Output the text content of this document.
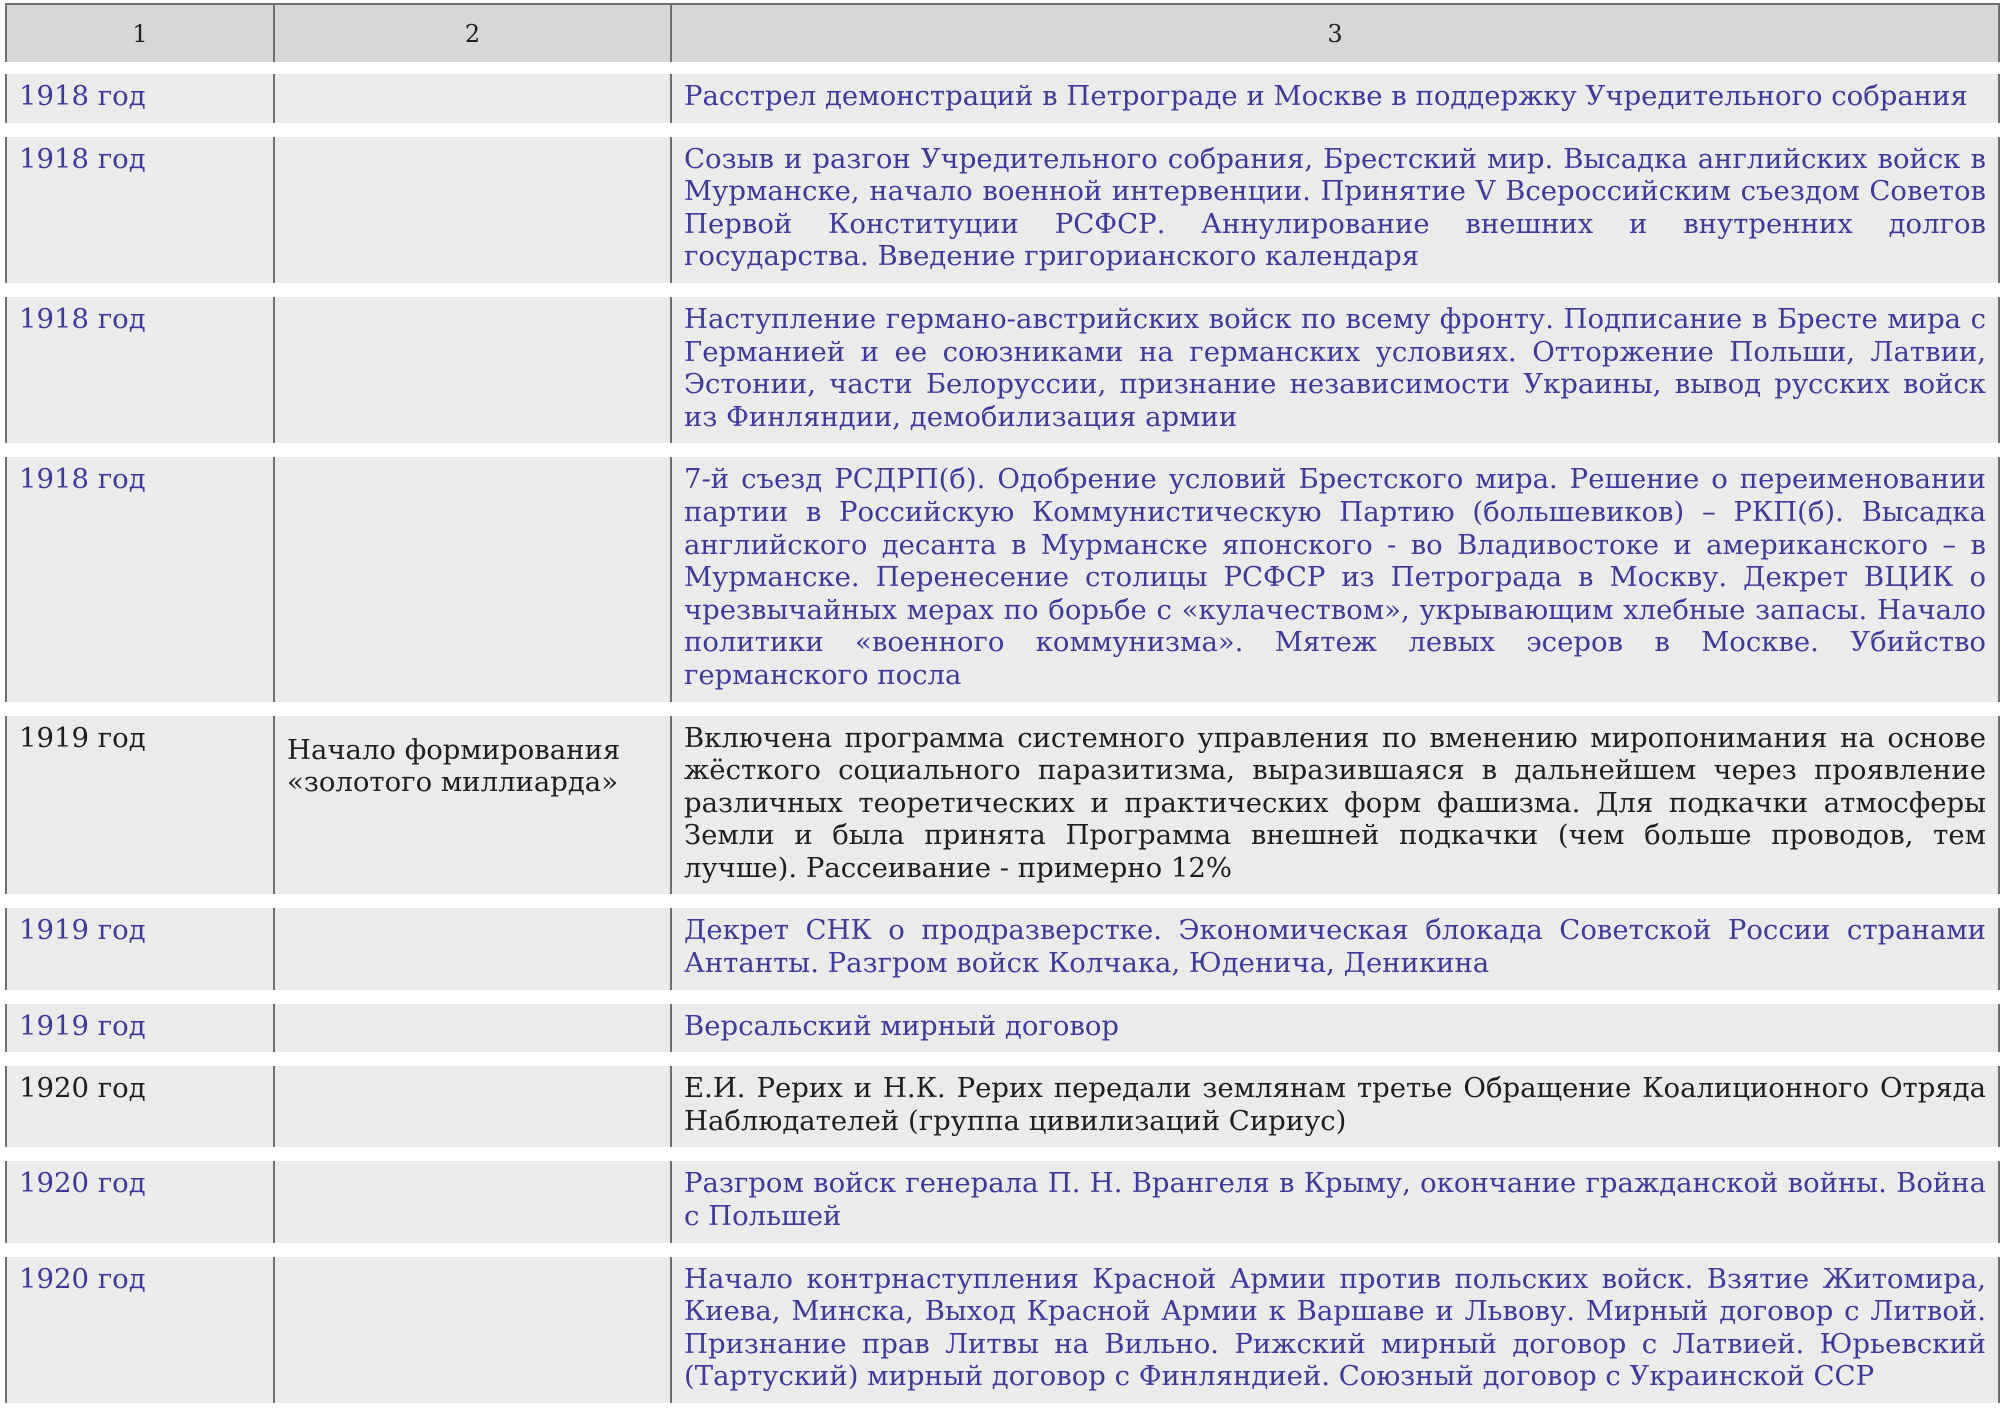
1	2	3
1918 год		Расстрел демонстраций в Петрограде и Москве в поддержку Учредительного собрания
1918 год		Созыв и разгон Учредительного собрания, Брестский мир. Высадка английских войск в Мурманске, начало военной интервенции. Принятие V Всероссийским съездом Советов Первой Конституции РСФСР. Аннулирование внешних и внутренних долгов государства. Введение григорианского календаря
1918 год		Наступление германо-австрийских войск по всему фронту. Подписание в Бресте мира с Германией и ее союзниками на германских условиях. Отторжение Польши, Латвии, Эстонии, части Белоруссии, признание независимости Украины, вывод русских войск из Финляндии, демобилизация армии
1918 год		7-й съезд РСДРП(б). Одобрение условий Брестского мира. Решение о переименовании партии в Российскую Коммунистическую Партию (большевиков) – РКП(б). Высадка английского десанта в Мурманске японского - во Владивостоке и американского – в Мурманске. Перенесение столицы РСФСР из Петрограда в Москву. Декрет ВЦИК о чрезвычайных мерах по борьбе с «кулачеством», укрывающим хлебные запасы. Начало политики «военного коммунизма». Мятеж левых эсеров в Москве. Убийство германского посла
1919 год	Начало формирования «золотого миллиарда»	Включена программа системного управления по вменению миропонимания на основе жёсткого социального паразитизма, выразившаяся в дальнейшем через проявление различных теоретических и практических форм фашизма. Для подкачки атмосферы Земли и была принята Программа внешней подкачки (чем больше проводов, тем лучше). Рассеивание - примерно 12%
1919 год		Декрет СНК о продразверстке. Экономическая блокада Советской России странами Антанты. Разгром войск Колчака, Юденича, Деникина
1919 год		Версальский мирный договор
1920 год		Е.И. Рерих и Н.К. Рерих передали землянам третье Обращение Коалиционного Отряда Наблюдателей (группа цивилизаций Сириус)
1920 год		Разгром войск генерала П. Н. Врангеля в Крыму, окончание гражданской войны. Война с Польшей
1920 год		Начало контрнаступления Красной Армии против польских войск. Взятие Житомира, Киева, Минска, Выход Красной Армии к Варшаве и Львову. Мирный договор с Литвой. Признание прав Литвы на Вильно. Рижский мирный договор с Латвией. Юрьевский (Тартуский) мирный договор с Финляндией. Союзный договор с Украинской ССР
